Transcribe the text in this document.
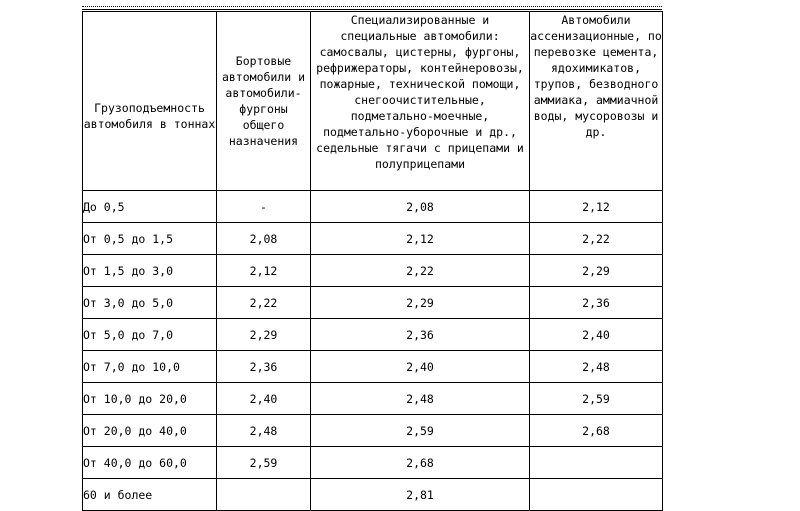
Грузоподъемность автомобиля в тоннах	Бортовые автомобили и автомобили-фургоны общего назначения	Специализированные и специальные автомобили: самосвалы, цистерны, фургоны, рефрижераторы, контейнеровозы, пожарные, технической помощи, снегоочистительные, подметально-моечные, подметально-уборочные и др., седельные тягачи с прицепами и полуприцепами	Автомобили ассенизационные, по перевозке цемента, ядохимикатов, трупов, безводного аммиака, аммиачной воды, мусоровозы и др.
До 0,5	-	2,08	2,12
От 0,5 до 1,5	2,08	2,12	2,22
От 1,5 до 3,0	2,12	2,22	2,29
От 3,0 до 5,0	2,22	2,29	2,36
От 5,0 до 7,0	2,29	2,36	2,40
От 7,0 до 10,0	2,36	2,40	2,48
От 10,0 до 20,0	2,40	2,48	2,59
От 20,0 до 40,0	2,48	2,59	2,68
От 40,0 до 60,0	2,59	2,68	
60 и более		2,81	
